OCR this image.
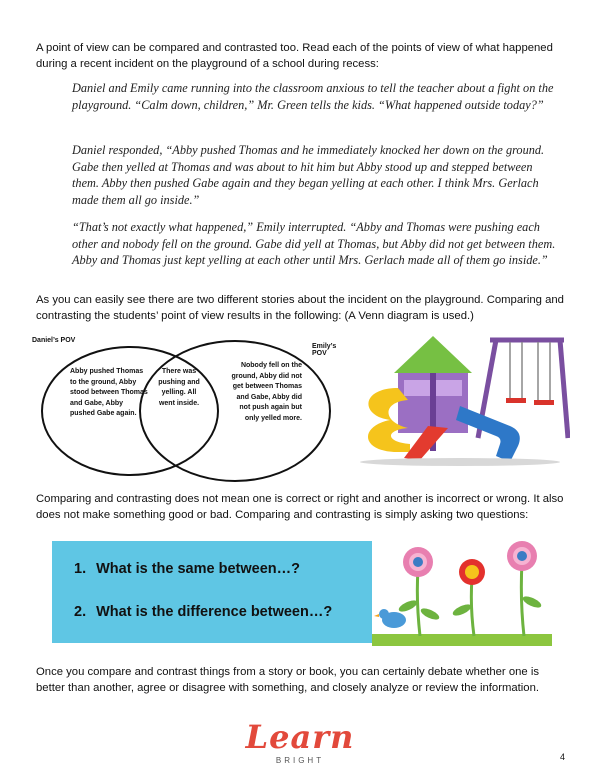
A point of view can be compared and contrasted too. Read each of the points of view of what happened during a recent incident on the playground of a school during recess:
Daniel and Emily came running into the classroom anxious to tell the teacher about a fight on the playground. “Calm down, children,” Mr. Green tells the kids. “What happened outside today?”
Daniel responded, “Abby pushed Thomas and he immediately knocked her down on the ground. Gabe then yelled at Thomas and was about to hit him but Abby stood up and stepped between them. Abby then pushed Gabe again and they began yelling at each other. I think Mrs. Gerlach made them all go inside.”
“That’s not exactly what happened,” Emily interrupted. “Abby and Thomas were pushing each other and nobody fell on the ground. Gabe did yell at Thomas, but Abby did not get between them. Abby and Thomas just kept yelling at each other until Mrs. Gerlach made all of them go inside.”
As you can easily see there are two different stories about the incident on the playground. Comparing and contrasting the students’ point of view results in the following: (A Venn diagram is used.)
Daniel’s POV
Emily’s POV
Abby pushed Thomas to the ground, Abby stood between Thomas and Gabe, Abby pushed Gabe again.
There was pushing and yelling. All went inside.
Nobody fell on the ground, Abby did not get between Thomas and Gabe, Abby did not push again but only yelled more.
Comparing and contrasting does not mean one is correct or right and another is incorrect or wrong. It also does not make something good or bad. Comparing and contrasting is simply asking two questions:
1. What is the same between…?
2. What is the difference between…?
Once you compare and contrast things from a story or book, you can certainly debate whether one is better than another, agree or disagree with something, and closely analyze or review the information.
Learn
BRIGHT	4
